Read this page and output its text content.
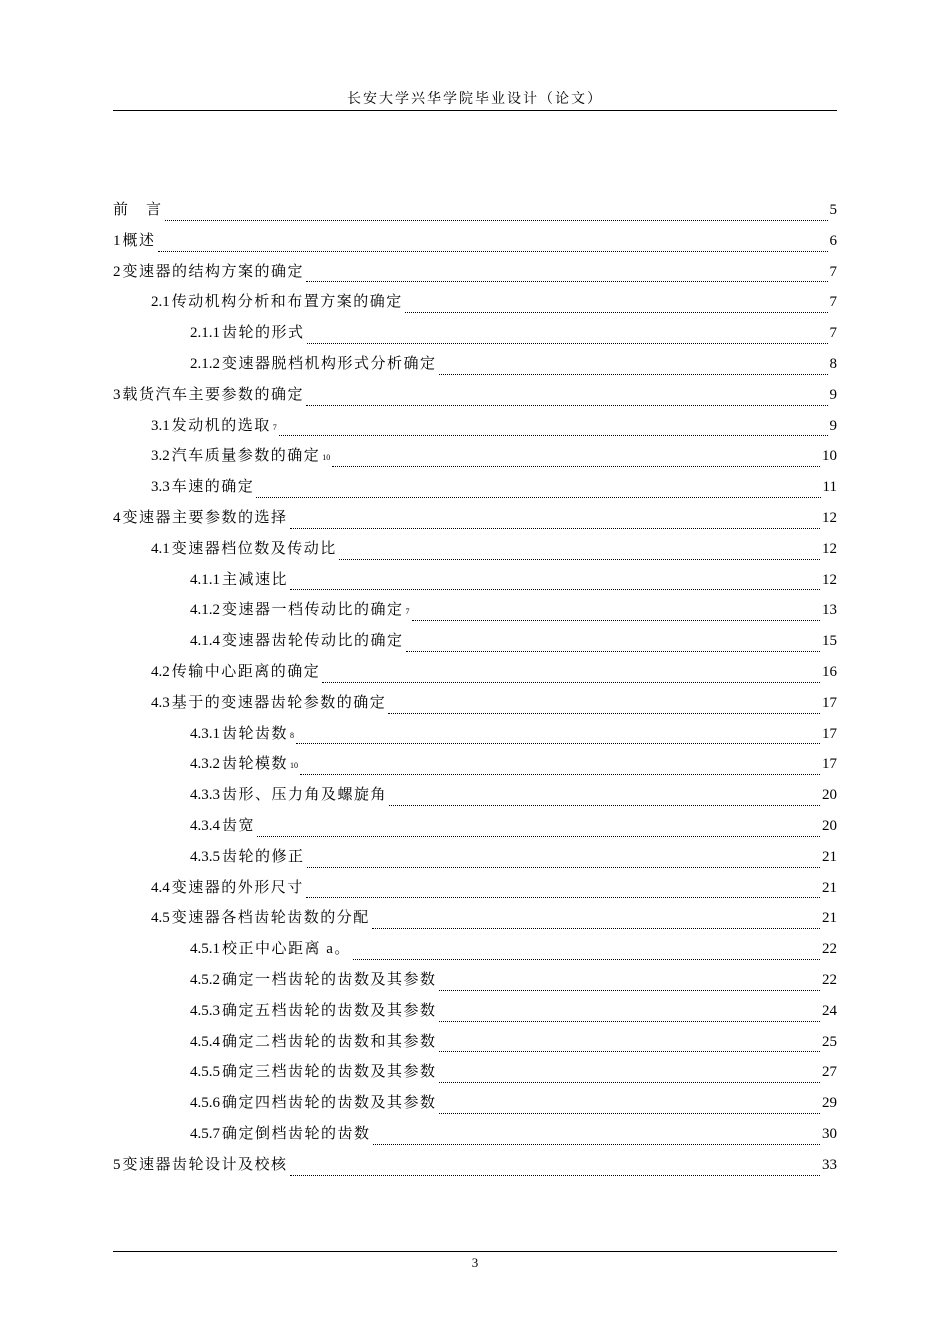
长安大学兴华学院毕业设计（论文）
前　言	5
1 概述	6
2 变速器的结构方案的确定	7
2.1 传动机构分析和布置方案的确定	7
2.1.1 齿轮的形式	7
2.1.2 变速器脱档机构形式分析确定	8
3 载货汽车主要参数的确定	9
3.1 发动机的选取 $_7$	9
3.2 汽车质量参数的确定 $_{10}$	10
3.3 车速的确定	11
4 变速器主要参数的选择	12
4.1 变速器档位数及传动比	12
4.1.1 主减速比	12
4.1.2 变速器一档传动比的确定 $_7$	13
4.1.4 变速器齿轮传动比的确定	15
4.2 传输中心距离的确定	16
4.3 基于的变速器齿轮参数的确定	17
4.3.1 齿轮齿数 $_8$	17
4.3.2 齿轮模数 $_{10}$	17
4.3.3 齿形、压力角及螺旋角	20
4.3.4 齿宽	20
4.3.5 齿轮的修正	21
4.4 变速器的外形尺寸	21
4.5 变速器各档齿轮齿数的分配	21
4.5.1 校正中心距离 a。	22
4.5.2 确定一档齿轮的齿数及其参数	22
4.5.3 确定五档齿轮的齿数及其参数	24
4.5.4 确定二档齿轮的齿数和其参数	25
4.5.5 确定三档齿轮的齿数及其参数	27
4.5.6 确定四档齿轮的齿数及其参数	29
4.5.7 确定倒档齿轮的齿数	30
5 变速器齿轮设计及校核	33
3
